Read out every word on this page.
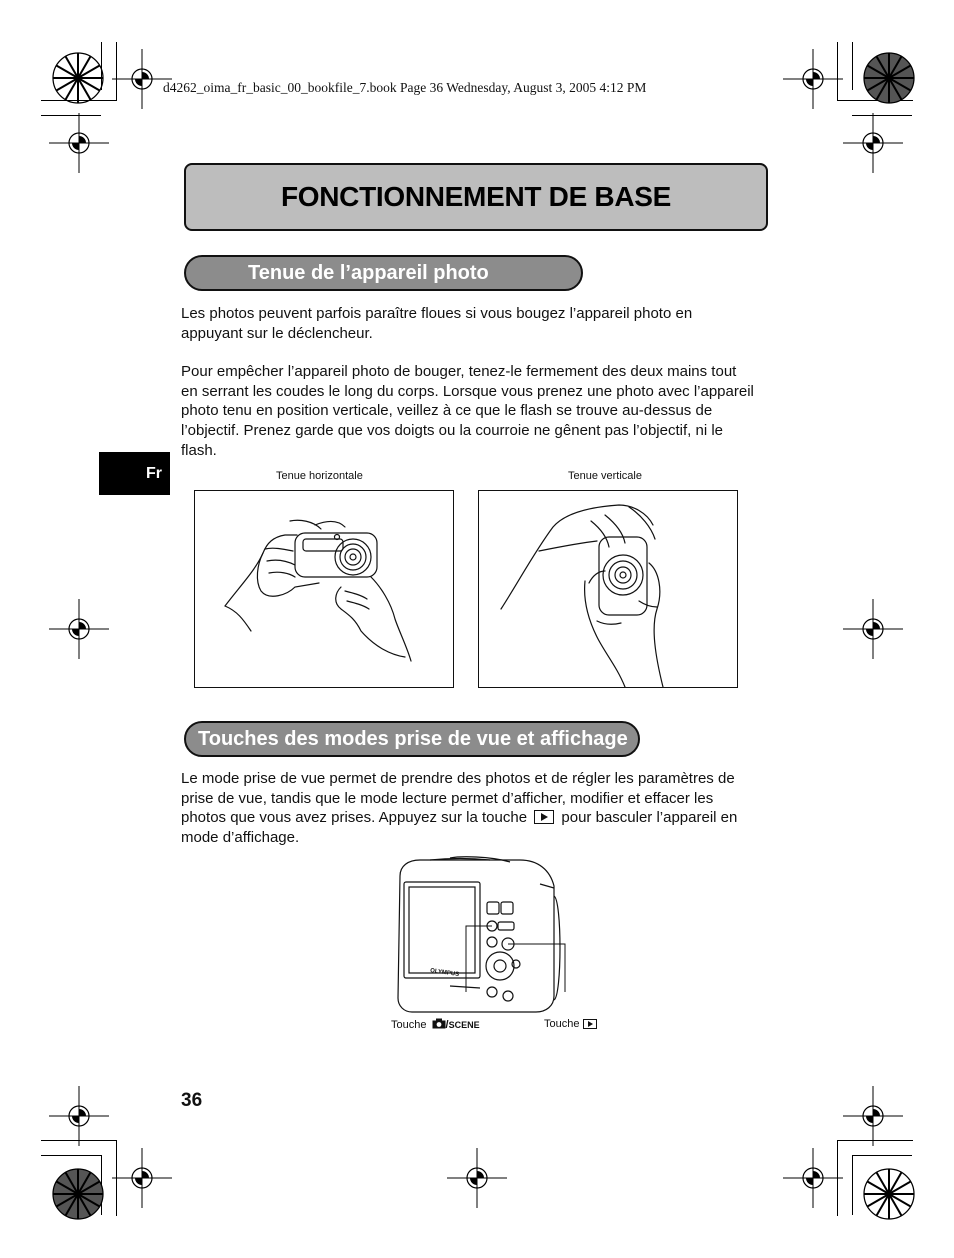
d4262_oima_fr_basic_00_bookfile_7.book Page 36 Wednesday, August 3, 2005 4:12 PM
FONCTIONNEMENT DE BASE
Tenue de l’appareil photo
Les photos peuvent parfois paraître floues si vous bougez l’appareil photo en
appuyant sur le déclencheur.
Pour empêcher l’appareil photo de bouger, tenez-le fermement des deux mains tout
en serrant les coudes le long du corps. Lorsque vous prenez une photo avec l’appareil
photo tenu en position verticale, veillez à ce que le flash se trouve au-dessus de
l’objectif. Prenez garde que vos doigts ou la courroie ne gênent pas l’objectif, ni le
flash.
Fr	Tenue horizontale	Tenue verticale
Touches des modes prise de vue et affichage
Le mode prise de vue permet de prendre des photos et de régler les paramètres de
prise de vue, tandis que le mode lecture permet d’afficher, modifier et effacer les
photos que vous avez prises. Appuyez sur la touche pour basculer l’appareil en
mode d’affichage.
OLYMPUS
Touche /SCENE	Touche
36
